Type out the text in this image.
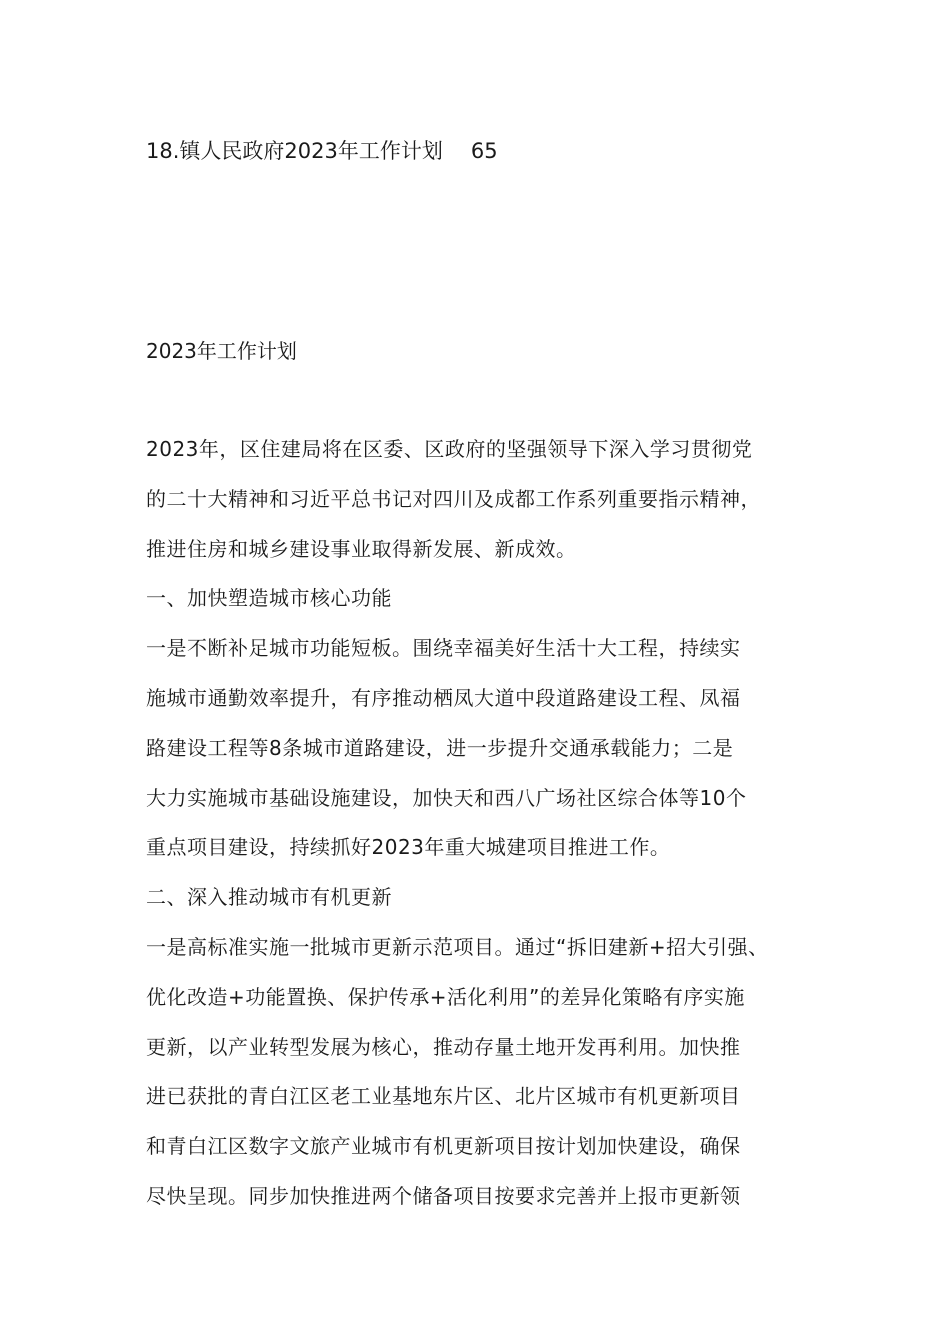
18.镇人民政府2023年工作计划 65
2023年工作计划
2023年，区住建局将在区委、区政府的坚强领导下深入学习贯彻党
的二十大精神和习近平总书记对四川及成都工作系列重要指示精神，
推进住房和城乡建设事业取得新发展、新成效。
一、加快塑造城市核心功能
一是不断补足城市功能短板。围绕幸福美好生活十大工程，持续实
施城市通勤效率提升，有序推动栖凤大道中段道路建设工程、凤福
路建设工程等8条城市道路建设，进一步提升交通承载能力；二是
大力实施城市基础设施建设，加快天和西八广场社区综合体等10个
重点项目建设，持续抓好2023年重大城建项目推进工作。
二、深入推动城市有机更新
一是高标准实施一批城市更新示范项目。通过“拆旧建新+招大引强、
优化改造+功能置换、保护传承+活化利用”的差异化策略有序实施
更新，以产业转型发展为核心，推动存量土地开发再利用。加快推
进已获批的青白江区老工业基地东片区、北片区城市有机更新项目
和青白江区数字文旅产业城市有机更新项目按计划加快建设，确保
尽快呈现。同步加快推进两个储备项目按要求完善并上报市更新领
